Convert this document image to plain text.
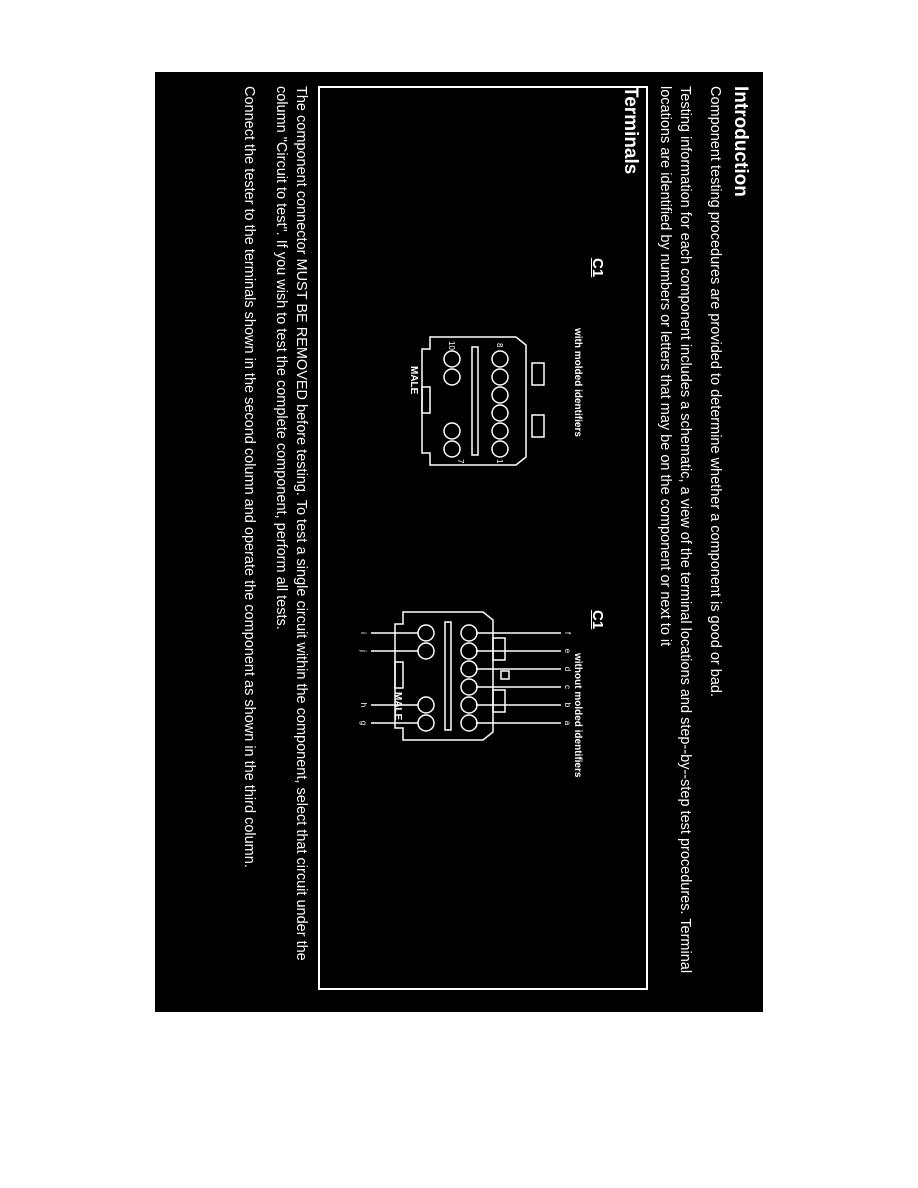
Introduction
Component testing procedures are provided to determine whether a component is good or bad.
Testing information for each component includes a schematic, a view of the terminal locations and step--by--step test procedures. Terminal
locations are identified by numbers or letters that may be on the component or next to it
Terminals
C1
with molded identifiers
MALE
8
1
10
7
C1
without molded identifiers
MALE
f
e
d
c
b
a
i
j
h
g
The component connector MUST BE REMOVED before testing. To test a single circuit within the component, select that circuit under the
column "Circuit to test". If you wish to test the complete component, perform all tests.
Connect the tester to the terminals shown in the second column and operate the component as shown in the third column.
